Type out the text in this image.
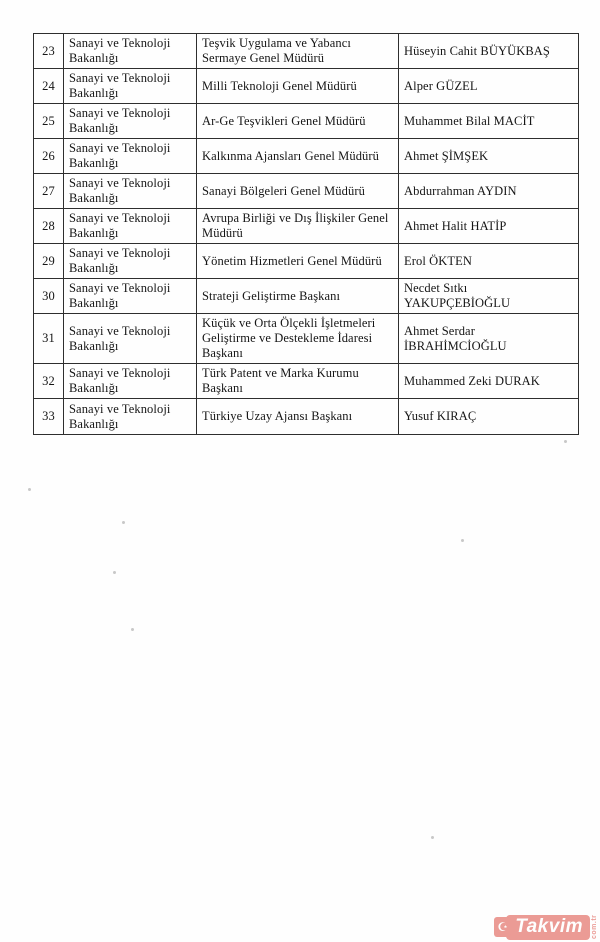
23	Sanayi ve Teknoloji Bakanlığı	Teşvik Uygulama ve Yabancı Sermaye Genel Müdürü	Hüseyin Cahit BÜYÜKBAŞ
24	Sanayi ve Teknoloji Bakanlığı	Milli Teknoloji Genel Müdürü	Alper GÜZEL
25	Sanayi ve Teknoloji Bakanlığı	Ar-Ge Teşvikleri Genel Müdürü	Muhammet Bilal MACİT
26	Sanayi ve Teknoloji Bakanlığı	Kalkınma Ajansları Genel Müdürü	Ahmet ŞİMŞEK
27	Sanayi ve Teknoloji Bakanlığı	Sanayi Bölgeleri Genel Müdürü	Abdurrahman AYDIN
28	Sanayi ve Teknoloji Bakanlığı	Avrupa Birliği ve Dış İlişkiler Genel Müdürü	Ahmet Halit HATİP
29	Sanayi ve Teknoloji Bakanlığı	Yönetim Hizmetleri Genel Müdürü	Erol ÖKTEN
30	Sanayi ve Teknoloji Bakanlığı	Strateji Geliştirme Başkanı	Necdet Sıtkı YAKUPÇEBİOĞLU
31	Sanayi ve Teknoloji Bakanlığı	Küçük ve Orta Ölçekli İşletmeleri Geliştirme ve Destekleme İdaresi Başkanı	Ahmet Serdar İBRAHİMCİOĞLU
32	Sanayi ve Teknoloji Bakanlığı	Türk Patent ve Marka Kurumu Başkanı	Muhammed Zeki DURAK
33	Sanayi ve Teknoloji Bakanlığı	Türkiye Uzay Ajansı Başkanı	Yusuf KIRAÇ
☪ Takvim	com.tr
